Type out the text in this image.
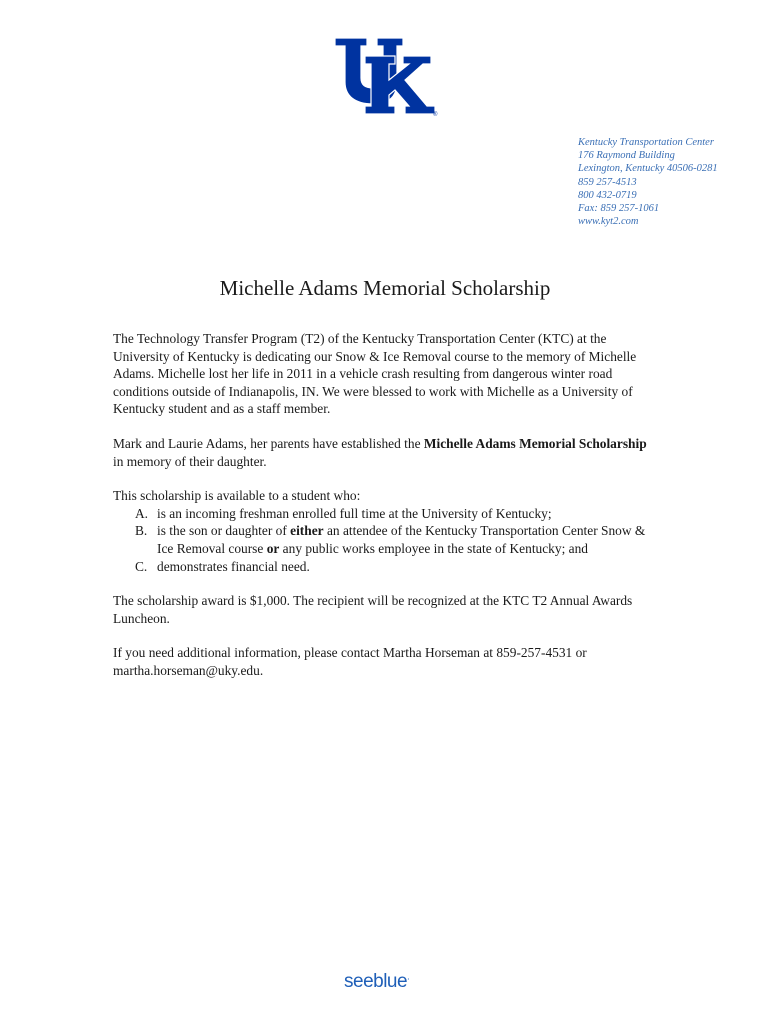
®
Kentucky Transportation Center
176 Raymond Building
Lexington, Kentucky 40506-0281
859 257-4513
800 432-0719
Fax: 859 257-1061
www.kyt2.com
Michelle Adams Memorial Scholarship

The Technology Transfer Program (T2) of the Kentucky Transportation Center (KTC) at the University of Kentucky is dedicating our Snow & Ice Removal course to the memory of Michelle Adams. Michelle lost her life in 2011 in a vehicle crash resulting from dangerous winter road conditions outside of Indianapolis, IN. We were blessed to work with Michelle as a University of Kentucky student and as a staff member.

Mark and Laurie Adams, her parents have established the Michelle Adams Memorial Scholarship in memory of their daughter.

This scholarship is available to a student who:

A. is an incoming freshman enrolled full time at the University of Kentucky;
B. is the son or daughter of either an attendee of the Kentucky Transportation Center Snow & Ice Removal course or any public works employee in the state of Kentucky; and
C. demonstrates financial need.

The scholarship award is $1,000. The recipient will be recognized at the KTC T2 Annual Awards Luncheon.

If you need additional information, please contact Martha Horseman at 859-257-4531 or martha.horseman@uky.edu.

seeblue.
